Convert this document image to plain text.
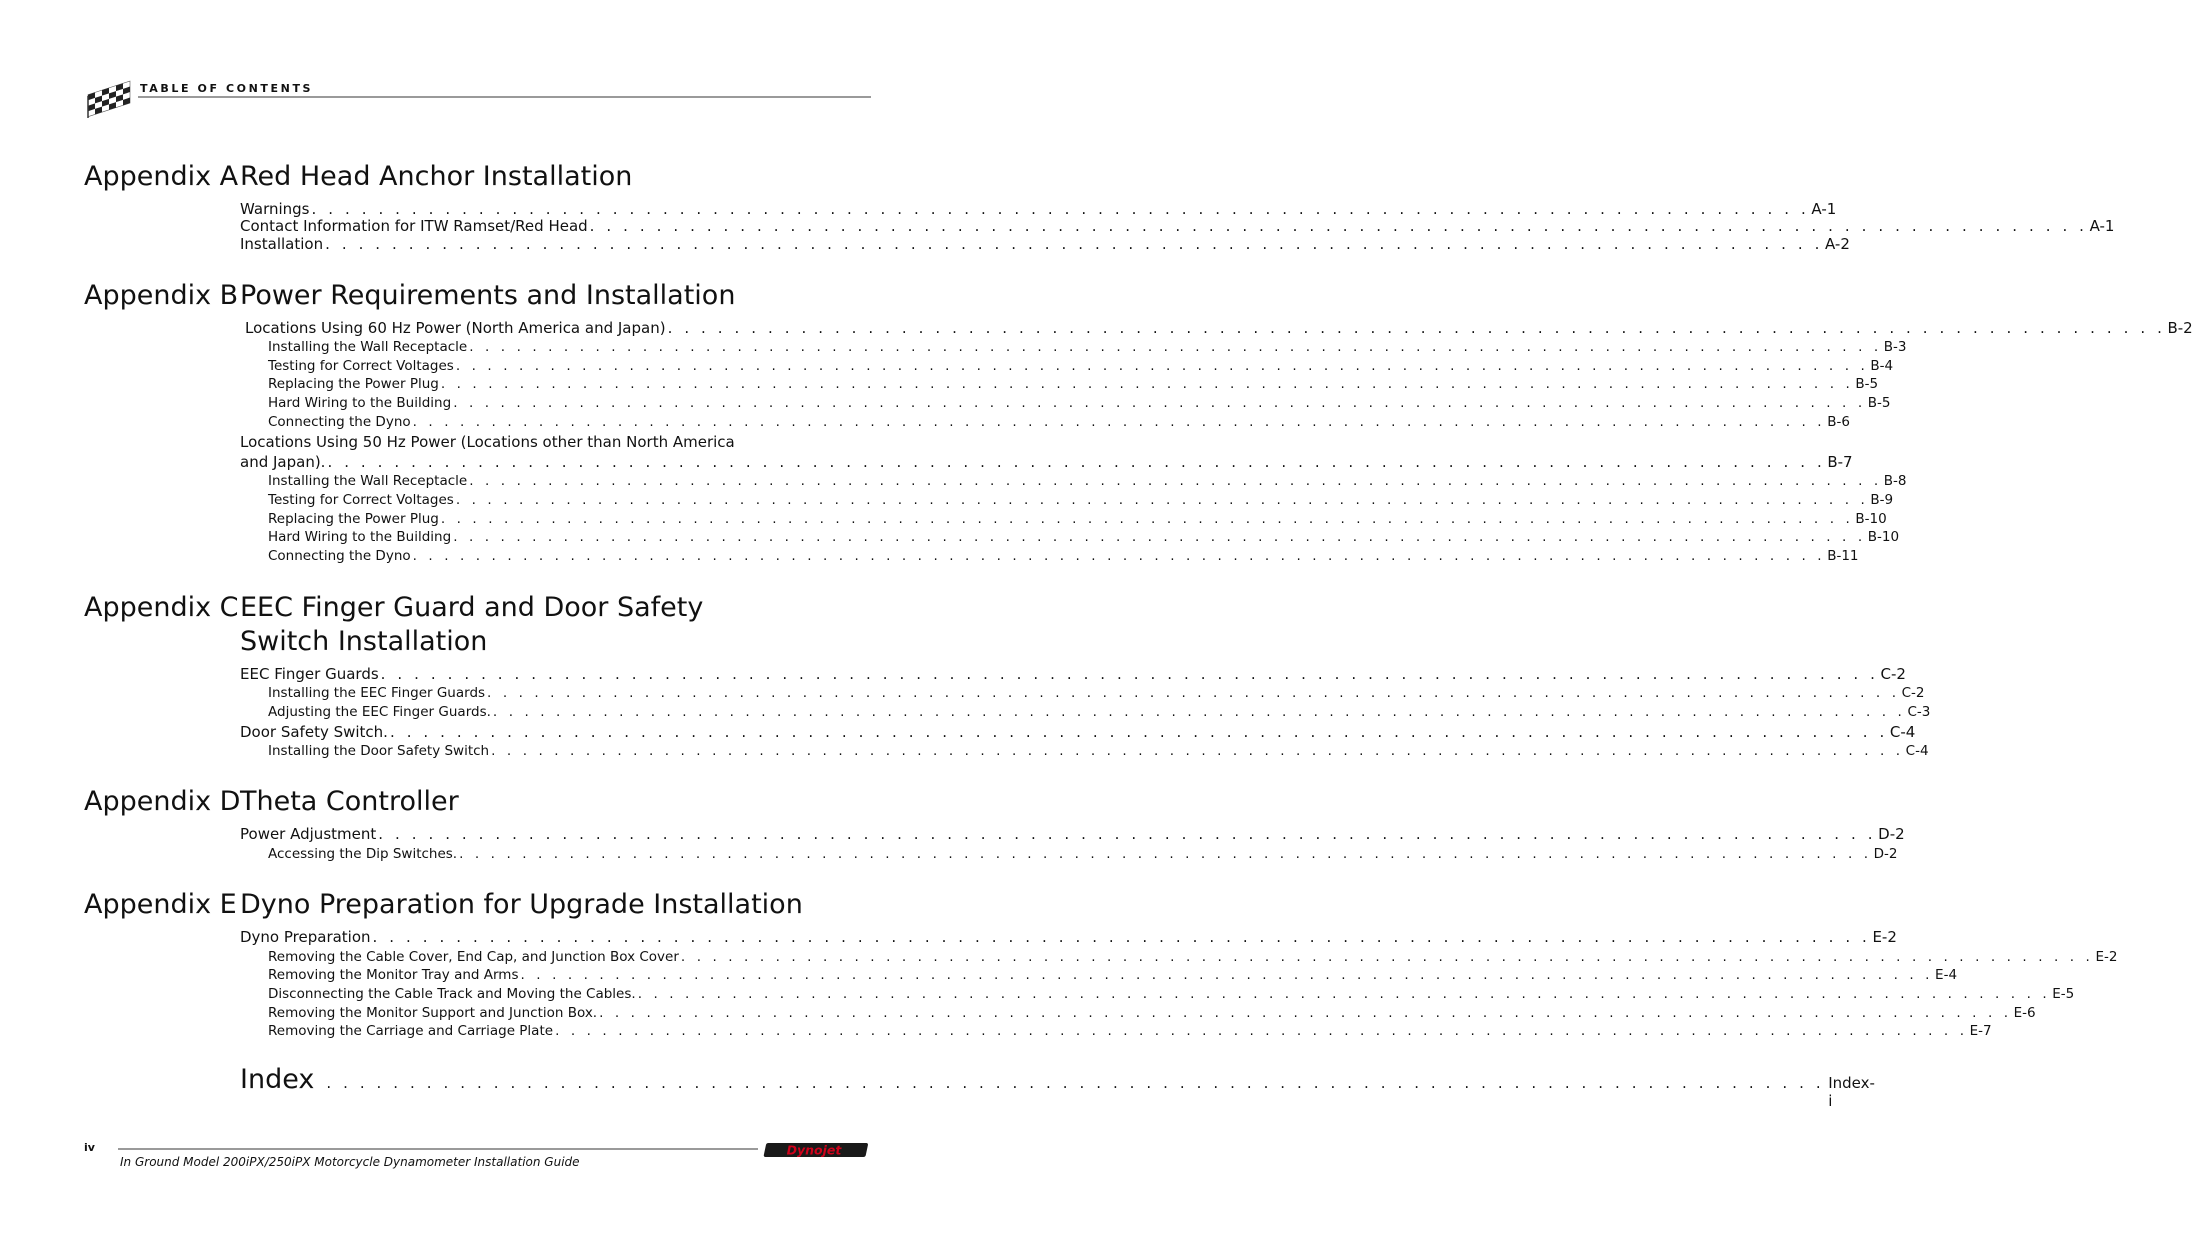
TABLE OF CONTENTS
Appendix A Red Head Anchor Installation
Warnings . . . . . . . . . . . . . . . . . . . . . . . . . . . . . . . . . . . . . . . . . . . . . . . . . . . . . . . . . . . . . . . . . . . . . . . . . . . . . . . . . . . . . . . . . . A-1
Contact Information for ITW Ramset/Red Head . . . . . . . . . . . . . . . . . . . . . . . . . . . . . . . . . . . . . . . . . . . . . . . . . . . . . . . . . . . . . . . . . . . . . . . . . . . . . . . . . . . . . . . . . . A-1
Installation . . . . . . . . . . . . . . . . . . . . . . . . . . . . . . . . . . . . . . . . . . . . . . . . . . . . . . . . . . . . . . . . . . . . . . . . . . . . . . . . . . . . . . . . . . A-2
Appendix B Power Requirements and Installation
Locations Using 60 Hz Power (North America and Japan) . . . . . . . . . . . . . . . . . . . . . . . . . . . . . . . . . . . . . . . . . . . . . . . . . . . . . . . . . . . . . . . . . . . . . . . . . . . . . . . . . . . . . . . . . . B-2
Installing the Wall Receptacle . . . . . . . . . . . . . . . . . . . . . . . . . . . . . . . . . . . . . . . . . . . . . . . . . . . . . . . . . . . . . . . . . . . . . . . . . . . . . . . . . . . . . . . . . . B-3
Testing for Correct Voltages . . . . . . . . . . . . . . . . . . . . . . . . . . . . . . . . . . . . . . . . . . . . . . . . . . . . . . . . . . . . . . . . . . . . . . . . . . . . . . . . . . . . . . . . . . B-4
Replacing the Power Plug . . . . . . . . . . . . . . . . . . . . . . . . . . . . . . . . . . . . . . . . . . . . . . . . . . . . . . . . . . . . . . . . . . . . . . . . . . . . . . . . . . . . . . . . . . B-5
Hard Wiring to the Building . . . . . . . . . . . . . . . . . . . . . . . . . . . . . . . . . . . . . . . . . . . . . . . . . . . . . . . . . . . . . . . . . . . . . . . . . . . . . . . . . . . . . . . . . . B-5
Connecting the Dyno . . . . . . . . . . . . . . . . . . . . . . . . . . . . . . . . . . . . . . . . . . . . . . . . . . . . . . . . . . . . . . . . . . . . . . . . . . . . . . . . . . . . . . . . . . B-6
Locations Using 50 Hz Power (Locations other than North America
and Japan). . . . . . . . . . . . . . . . . . . . . . . . . . . . . . . . . . . . . . . . . . . . . . . . . . . . . . . . . . . . . . . . . . . . . . . . . . . . . . . . . . . . . . . . . . . B-7
Installing the Wall Receptacle . . . . . . . . . . . . . . . . . . . . . . . . . . . . . . . . . . . . . . . . . . . . . . . . . . . . . . . . . . . . . . . . . . . . . . . . . . . . . . . . . . . . . . . . . . B-8
Testing for Correct Voltages . . . . . . . . . . . . . . . . . . . . . . . . . . . . . . . . . . . . . . . . . . . . . . . . . . . . . . . . . . . . . . . . . . . . . . . . . . . . . . . . . . . . . . . . . . B-9
Replacing the Power Plug . . . . . . . . . . . . . . . . . . . . . . . . . . . . . . . . . . . . . . . . . . . . . . . . . . . . . . . . . . . . . . . . . . . . . . . . . . . . . . . . . . . . . . . . . . B-10
Hard Wiring to the Building . . . . . . . . . . . . . . . . . . . . . . . . . . . . . . . . . . . . . . . . . . . . . . . . . . . . . . . . . . . . . . . . . . . . . . . . . . . . . . . . . . . . . . . . . . B-10
Connecting the Dyno . . . . . . . . . . . . . . . . . . . . . . . . . . . . . . . . . . . . . . . . . . . . . . . . . . . . . . . . . . . . . . . . . . . . . . . . . . . . . . . . . . . . . . . . . . B-11
Appendix C EEC Finger Guard and Door Safety
Switch Installation
EEC Finger Guards . . . . . . . . . . . . . . . . . . . . . . . . . . . . . . . . . . . . . . . . . . . . . . . . . . . . . . . . . . . . . . . . . . . . . . . . . . . . . . . . . . . . . . . . . . C-2
Installing the EEC Finger Guards . . . . . . . . . . . . . . . . . . . . . . . . . . . . . . . . . . . . . . . . . . . . . . . . . . . . . . . . . . . . . . . . . . . . . . . . . . . . . . . . . . . . . . . . . . C-2
Adjusting the EEC Finger Guards. . . . . . . . . . . . . . . . . . . . . . . . . . . . . . . . . . . . . . . . . . . . . . . . . . . . . . . . . . . . . . . . . . . . . . . . . . . . . . . . . . . . . . . . . . . C-3
Door Safety Switch. . . . . . . . . . . . . . . . . . . . . . . . . . . . . . . . . . . . . . . . . . . . . . . . . . . . . . . . . . . . . . . . . . . . . . . . . . . . . . . . . . . . . . . . . . . C-4
Installing the Door Safety Switch . . . . . . . . . . . . . . . . . . . . . . . . . . . . . . . . . . . . . . . . . . . . . . . . . . . . . . . . . . . . . . . . . . . . . . . . . . . . . . . . . . . . . . . . . . C-4
Appendix D Theta Controller
Power Adjustment . . . . . . . . . . . . . . . . . . . . . . . . . . . . . . . . . . . . . . . . . . . . . . . . . . . . . . . . . . . . . . . . . . . . . . . . . . . . . . . . . . . . . . . . . . D-2
Accessing the Dip Switches. . . . . . . . . . . . . . . . . . . . . . . . . . . . . . . . . . . . . . . . . . . . . . . . . . . . . . . . . . . . . . . . . . . . . . . . . . . . . . . . . . . . . . . . . . . D-2
Appendix E Dyno Preparation for Upgrade Installation
Dyno Preparation . . . . . . . . . . . . . . . . . . . . . . . . . . . . . . . . . . . . . . . . . . . . . . . . . . . . . . . . . . . . . . . . . . . . . . . . . . . . . . . . . . . . . . . . . . E-2
Removing the Cable Cover, End Cap, and Junction Box Cover . . . . . . . . . . . . . . . . . . . . . . . . . . . . . . . . . . . . . . . . . . . . . . . . . . . . . . . . . . . . . . . . . . . . . . . . . . . . . . . . . . . . . . . . . . E-2
Removing the Monitor Tray and Arms . . . . . . . . . . . . . . . . . . . . . . . . . . . . . . . . . . . . . . . . . . . . . . . . . . . . . . . . . . . . . . . . . . . . . . . . . . . . . . . . . . . . . . . . . . E-4
Disconnecting the Cable Track and Moving the Cables. . . . . . . . . . . . . . . . . . . . . . . . . . . . . . . . . . . . . . . . . . . . . . . . . . . . . . . . . . . . . . . . . . . . . . . . . . . . . . . . . . . . . . . . . . . E-5
Removing the Monitor Support and Junction Box. . . . . . . . . . . . . . . . . . . . . . . . . . . . . . . . . . . . . . . . . . . . . . . . . . . . . . . . . . . . . . . . . . . . . . . . . . . . . . . . . . . . . . . . . . . E-6
Removing the Carriage and Carriage Plate . . . . . . . . . . . . . . . . . . . . . . . . . . . . . . . . . . . . . . . . . . . . . . . . . . . . . . . . . . . . . . . . . . . . . . . . . . . . . . . . . . . . . . . . . . E-7
Index . . . . . . . . . . . . . . . . . . . . . . . . . . . . . . . . . . . . . . . . . . . . . . . . . . . . . . . . . . . . . . . . . . . . . . . . . . . . . . . . . . . . . . . . . . Index-i
iv
In Ground Model 200iPX/250iPX Motorcycle Dynamometer Installation Guide
Dynojet
